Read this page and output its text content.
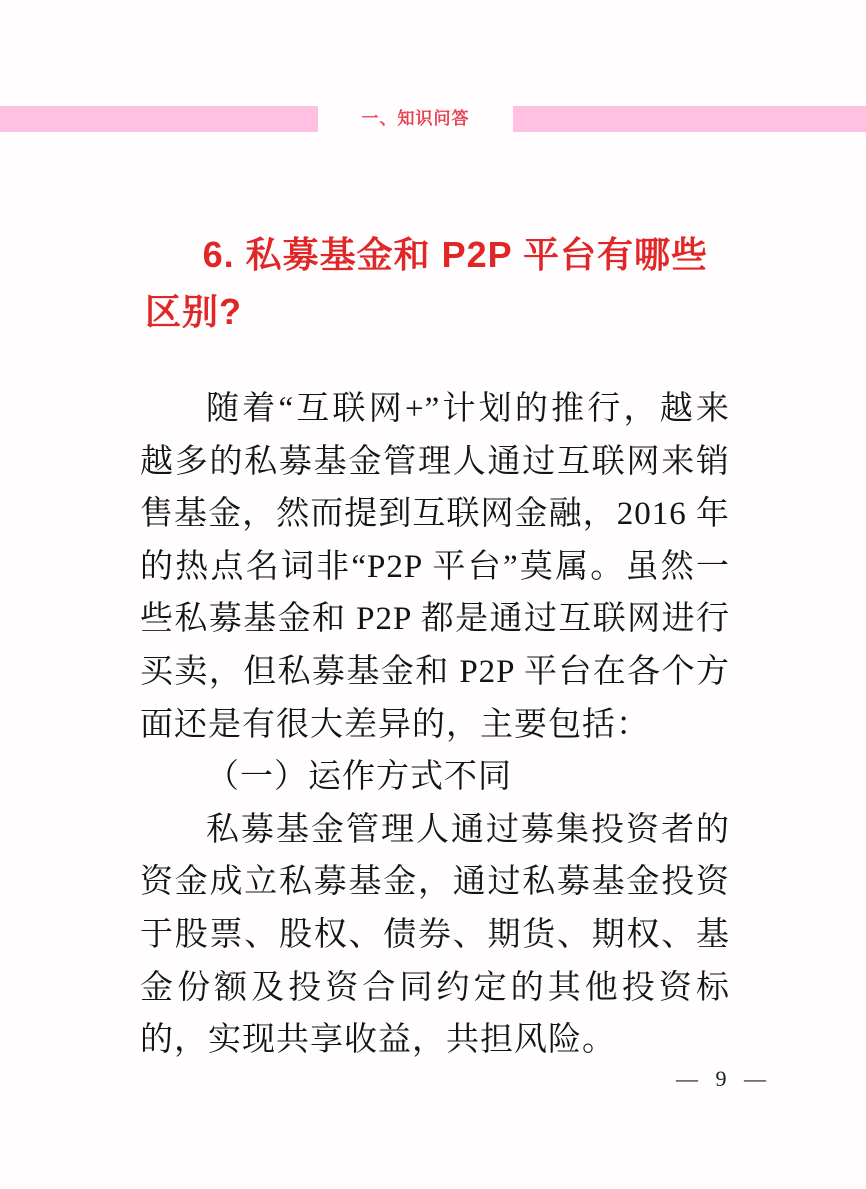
一、知识问答
6. 私募基金和 P2P 平台有哪些区别?

随着“互联网+”计划的推行，越来越多的私募基金管理人通过互联网来销售基金，然而提到互联网金融，2016 年的热点名词非“P2P 平台”莫属。虽然一些私募基金和 P2P 都是通过互联网进行买卖，但私募基金和 P2P 平台在各个方面还是有很大差异的，主要包括：

（一）运作方式不同

私募基金管理人通过募集投资者的资金成立私募基金，通过私募基金投资于股票、股权、债券、期货、期权、基金份额及投资合同约定的其他投资标的，实现共享收益，共担风险。

— 9 —
